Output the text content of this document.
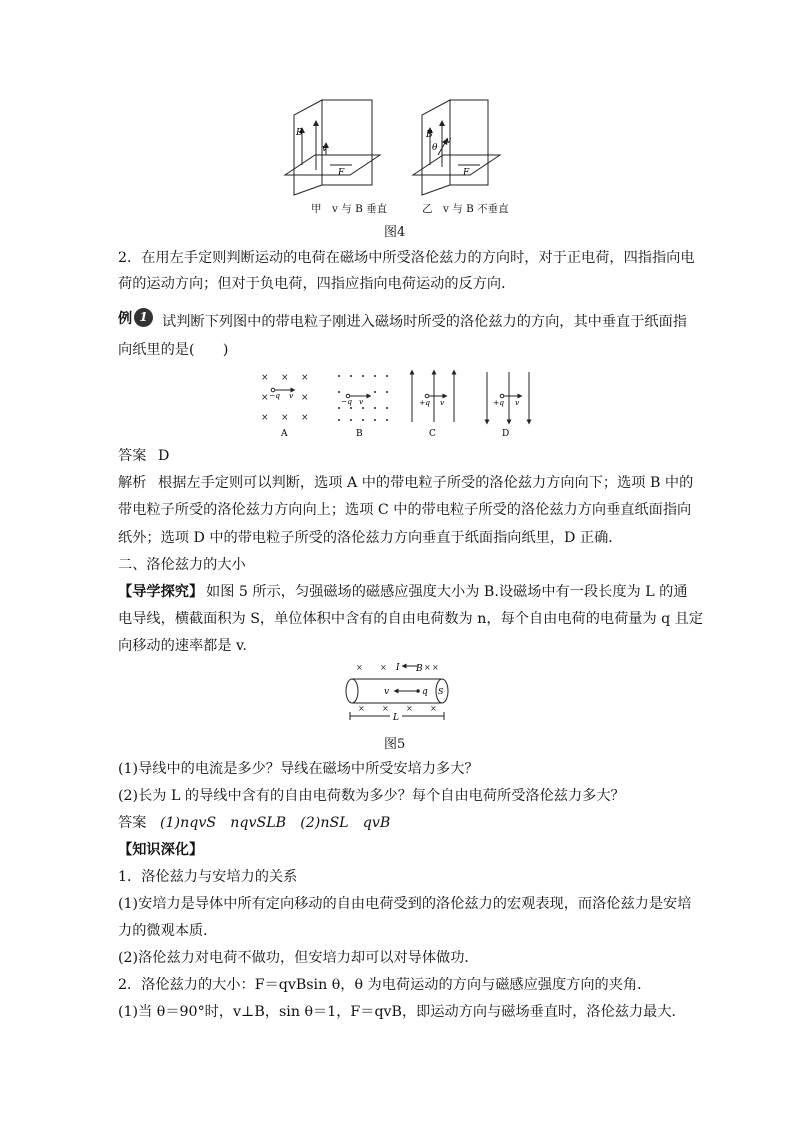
B
v
F
B
θ
v
F
甲　v 与 B 垂直	乙　v 与 B 不垂直
图4
2．在用左手定则判断运动的电荷在磁场中所受洛伦兹力的方向时，对于正电荷，四指指向电
荷的运动方向；但对于负电荷，四指应指向电荷运动的反方向．
例 1	试判断下列图中的带电粒子刚进入磁场时所受的洛伦兹力的方向，其中垂直于纸面指
向纸里的是(　　)
× × ×
×	×
× × ×
−q v
A
−q v
B
+q v
C
+q v
D
答案 D
解析 根据左手定则可以判断，选项 A 中的带电粒子所受的洛伦兹力方向向下；选项 B 中的
带电粒子所受的洛伦兹力方向向上；选项 C 中的带电粒子所受的洛伦兹力方向垂直纸面指向
纸外；选项 D 中的带电粒子所受的洛伦兹力方向垂直于纸面指向纸里，D 正确．
二、洛伦兹力的大小
【导学探究】 如图 5 所示，匀强磁场的磁感应强度大小为 B.设磁场中有一段长度为 L 的通
电导线，横截面积为 S，单位体积中含有的自由电荷数为 n，每个自由电荷的电荷量为 q 且定
向移动的速率都是 v.
× ×	× ×
× × × ×
I B
S
v	q
L
图5
(1)导线中的电流是多少？导线在磁场中所受安培力多大？
(2)长为 L 的导线中含有的自由电荷数为多少？每个自由电荷所受洛伦兹力多大？
答案 (1)nqvS　nqvSLB　(2)nSL　qvB
【知识深化】
1．洛伦兹力与安培力的关系
(1)安培力是导体中所有定向移动的自由电荷受到的洛伦兹力的宏观表现，而洛伦兹力是安培
力的微观本质．
(2)洛伦兹力对电荷不做功，但安培力却可以对导体做功．
2．洛伦兹力的大小：F＝qvBsin θ，θ 为电荷运动的方向与磁感应强度方向的夹角．
(1)当 θ＝90°时，v⊥B，sin θ＝1，F＝qvB，即运动方向与磁场垂直时，洛伦兹力最大．
